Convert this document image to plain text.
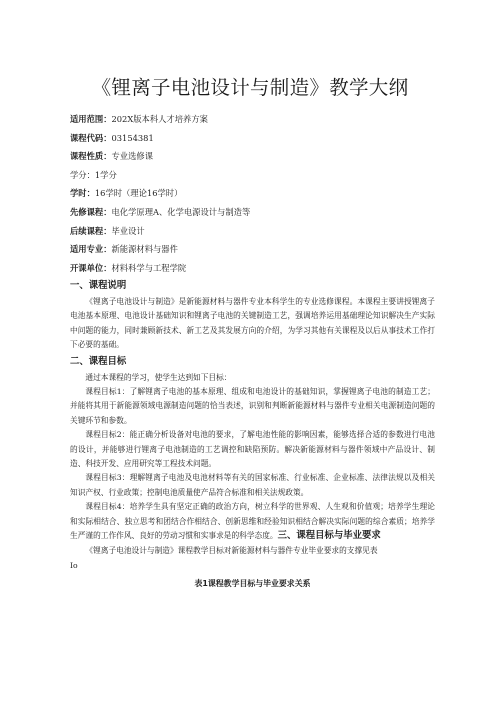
《锂离子电池设计与制造》教学大纲
适用范围：202X版本科人才培养方案
课程代码：03154381
课程性质：专业选修课
学分：1学分
学时：16学时（理论16学时）
先修课程：电化学原理A、化学电源设计与制造等
后续课程：毕业设计
适用专业：新能源材料与器件
开课单位：材料科学与工程学院
一、课程说明

《锂离子电池设计与制造》是新能源材料与器件专业本科学生的专业选修课程。本课程主要讲授锂离子电池基本原理、电池设计基础知识和锂离子电池的关键制造工艺，强调培养运用基础理论知识解决生产实际中问题的能力，同时兼顾新技术、新工艺及其发展方向的介绍，为学习其他有关课程及以后从事技术工作打下必要的基础。

二、课程目标

通过本课程的学习，使学生达到如下目标：

课程目标1：了解锂离子电池的基本原理、组成和电池设计的基础知识，掌握锂离子电池的制造工艺；并能将其用于新能源领域电源制造问题的恰当表述，识别和判断新能源材料与器件专业相关电源制造问题的关键环节和参数。

课程目标2：能正确分析设备对电池的要求，了解电池性能的影响因素，能够选择合适的参数进行电池的设计，并能够进行锂离子电池制造的工艺调控和缺陷预防。解决新能源材料与器件领域中产品设计、制造、科技开发、应用研究等工程技术问题。

课程目标3：理解锂离子电池及电池材料等有关的国家标准、行业标准、企业标准、法律法规以及相关知识产权、行业政策；控制电池质量使产品符合标准和相关法规政策。

课程目标4：培养学生具有坚定正确的政治方向，树立科学的世界观、人生观和价值观；培养学生理论和实际相结合、独立思考和团结合作相结合、创新思维和经验知识相结合解决实际问题的综合素质；培养学生严谨的工作作风、良好的劳动习惯和实事求是的科学态度。三、课程目标与毕业要求

《锂离子电池设计与制造》课程教学目标对新能源材料与器件专业毕业要求的支撑见表

Io
表1课程教学目标与毕业要求关系
